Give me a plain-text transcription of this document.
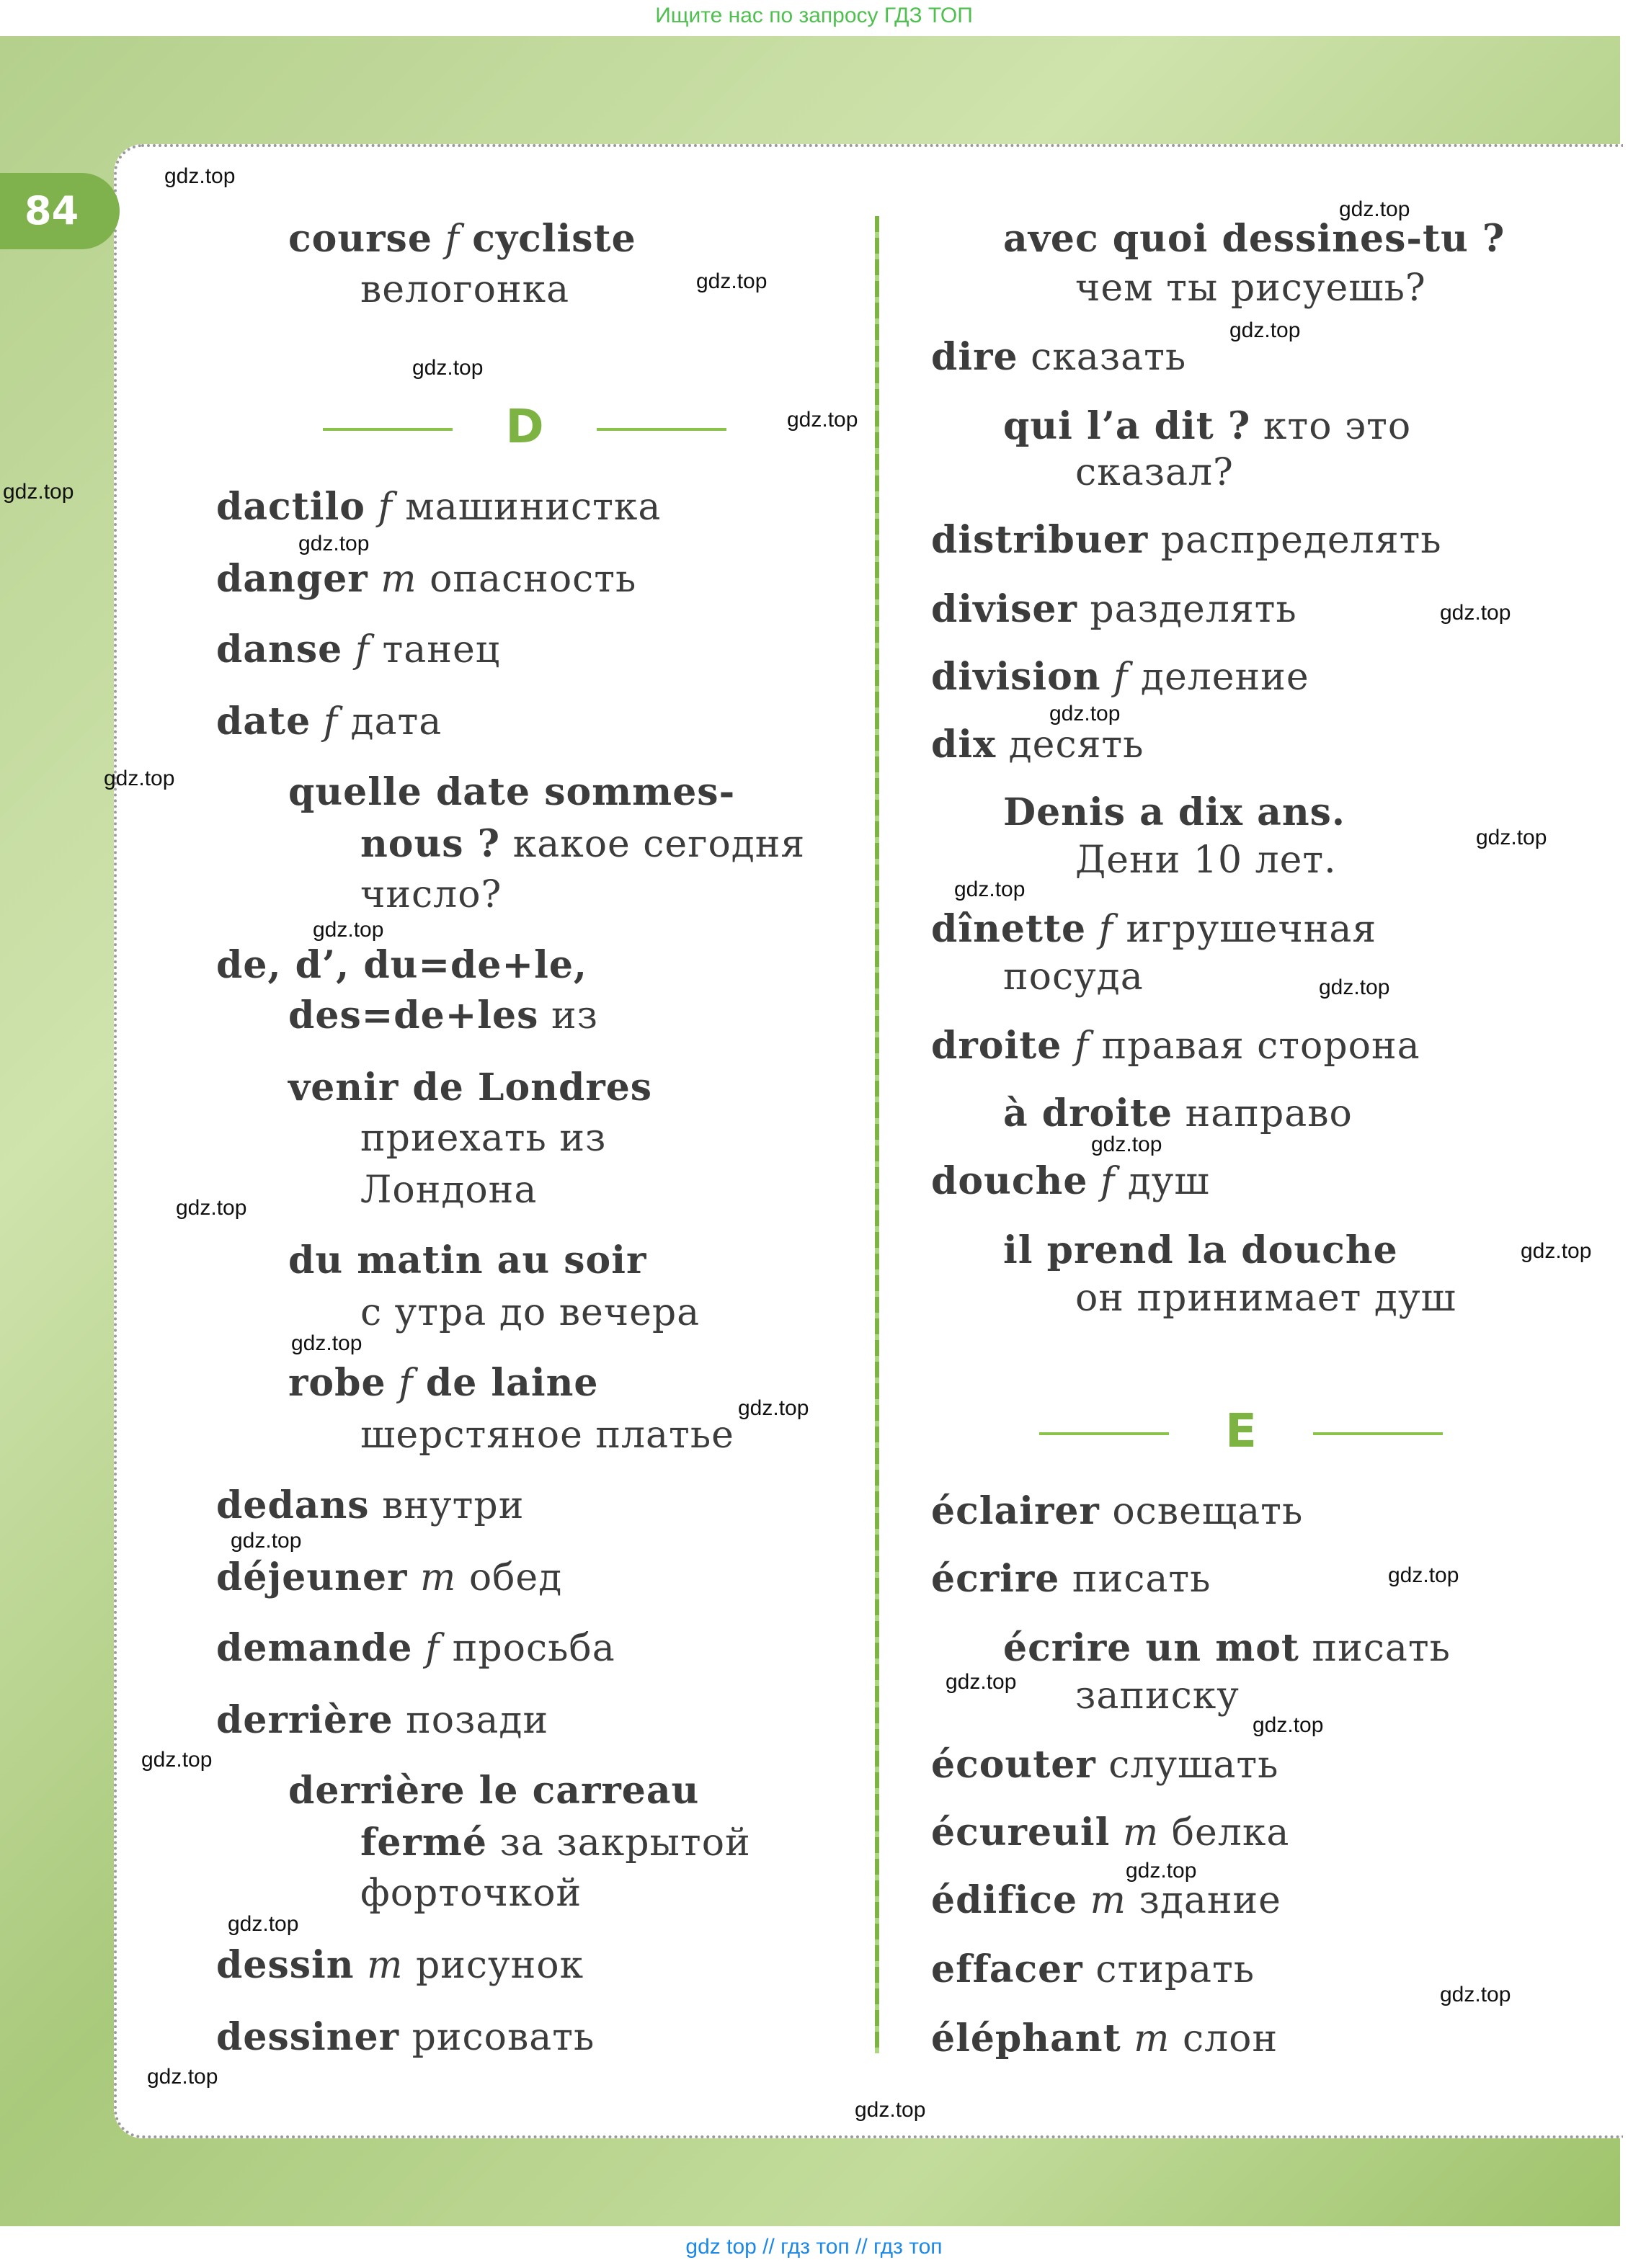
Ищите нас по запросу ГДЗ ТОП
84
D
E
course f cycliste
велогонка
dactilo f машинистка
danger m опасность
danse f танец
date f дата
quelle date sommes-
nous ? какое сегодня
число?
de, d’, du=de+le,
des=de+les из
venir de Londres
приехать из
Лондона
du matin au soir
с утра до вечера
robe f de laine
шерстяное платье
dedans внутри
déjeuner m обед
demande f просьба
derrière позади
derrière le carreau
fermé за закрытой
форточкой
dessin m рисунок
dessiner рисовать
avec quoi dessines-tu ?
чем ты рисуешь?
dire сказать
qui l’a dit ? кто это
сказал?
distribuer распределять
diviser разделять
division f деление
dix десять
Denis a dix ans.
Дени 10 лет.
dînette f игрушечная
посуда
droite f правая сторона
à droite направо
douche f душ
il prend la douche
он принимает душ
éclairer освещать
écrire писать
écrire un mot писать
записку
écouter слушать
écureuil m белка
édifice m здание
effacer стирать
éléphant m слон
gdz.top
gdz.top
gdz.top
gdz.top
gdz.top
gdz.top
gdz.top
gdz.top
gdz.top
gdz.top
gdz.top
gdz.top
gdz.top
gdz.top
gdz.top
gdz.top
gdz.top
gdz.top
gdz.top
gdz.top
gdz.top
gdz.top
gdz.top
gdz.top
gdz.top
gdz.top
gdz.top
gdz.top
gdz.top
gdz.top
gdz top // гдз топ // гдз топ
